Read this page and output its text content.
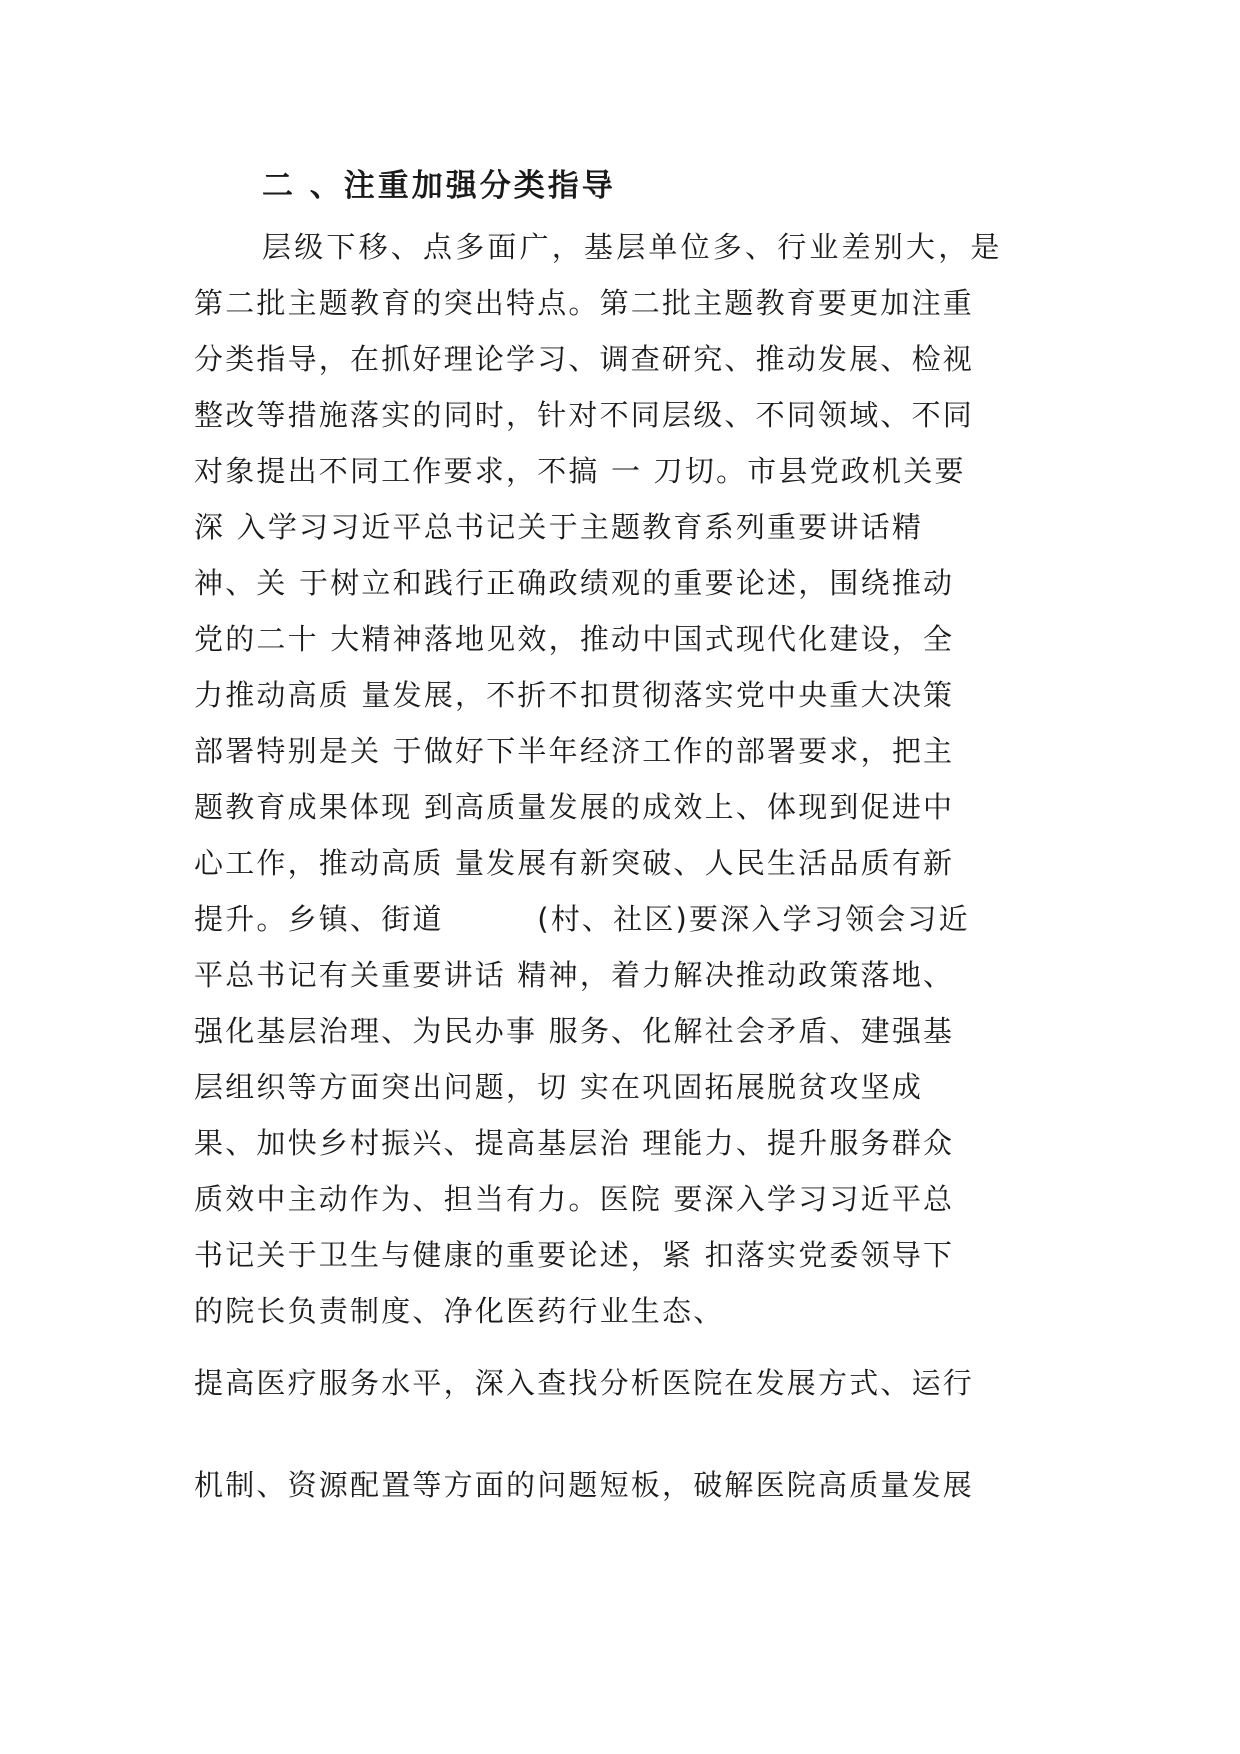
二 、注重加强分类指导

层级下移、点多面广，基层单位多、行业差别大，是

第二批主题教育的突出特点。第二批主题教育要更加注重

分类指导，在抓好理论学习、调查研究、推动发展、检视

整改等措施落实的同时，针对不同层级、不同领域、不同

对象提出不同工作要求，不搞 一 刀切。市县党政机关要

深 入学习习近平总书记关于主题教育系列重要讲话精

神、关 于树立和践行正确政绩观的重要论述，围绕推动

党的二十 大精神落地见效，推动中国式现代化建设，全

力推动高质 量发展，不折不扣贯彻落实党中央重大决策

部署特别是关 于做好下半年经济工作的部署要求，把主

题教育成果体现 到高质量发展的成效上、体现到促进中

心工作，推动高质 量发展有新突破、人民生活品质有新

提升。乡镇、街道　　　(村、社区)要深入学习领会习近

平总书记有关重要讲话 精神，着力解决推动政策落地、

强化基层治理、为民办事 服务、化解社会矛盾、建强基

层组织等方面突出问题，切 实在巩固拓展脱贫攻坚成

果、加快乡村振兴、提高基层治 理能力、提升服务群众

质效中主动作为、担当有力。医院 要深入学习习近平总

书记关于卫生与健康的重要论述，紧 扣落实党委领导下

的院长负责制度、净化医药行业生态、

提高医疗服务水平，深入查找分析医院在发展方式、运行

机制、资源配置等方面的问题短板，破解医院高质量发展
